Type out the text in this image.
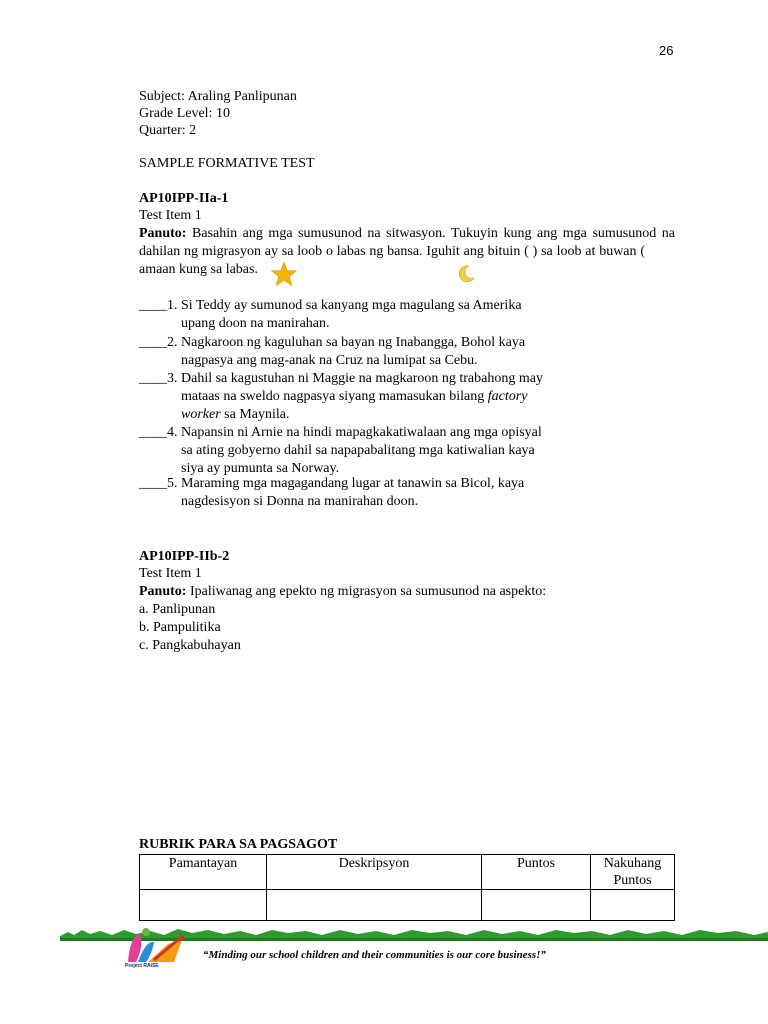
26
Subject: Araling Panlipunan
Grade Level: 10
Quarter: 2
SAMPLE FORMATIVE TEST
AP10IPP-IIa-1
Test Item 1
Panuto: Basahin ang mga sumusunod na sitwasyon. Tukuyin kung ang mga sumusunod na dahilan ng migrasyon ay sa loob o labas ng bansa. Iguhit ang bituin ( ) sa loob at buwan (amaan kung sa labas.
____1. Si Teddy ay sumunod sa kanyang mga magulang sa Amerika
upang doon na manirahan.
____2. Nagkaroon ng kaguluhan sa bayan ng Inabangga, Bohol kaya
nagpasya ang mag-anak na Cruz na lumipat sa Cebu.
____3. Dahil sa kagustuhan ni Maggie na magkaroon ng trabahong may
mataas na sweldo nagpasya siyang mamasukan bilang factory
worker sa Maynila.
____4. Napansin ni Arnie na hindi mapagkakatiwalaan ang mga opisyal
sa ating gobyerno dahil sa napapabalitang mga katiwalian kaya
siya ay pumunta sa Norway.
____5. Maraming mga magagandang lugar at tanawin sa Bicol, kaya
nagdesisyon si Donna na manirahan doon.
AP10IPP-IIb-2
Test Item 1
Panuto: Ipaliwanag ang epekto ng migrasyon sa sumusunod na aspekto:
a. Panlipunan
b. Pampulitika
c. Pangkabuhayan
RUBRIK PARA SA PAGSAGOT
Pamantayan	Deskripsyon	Puntos	Nakuhang Puntos

Project RAISE
“Minding our school children and their communities is our core business!”
